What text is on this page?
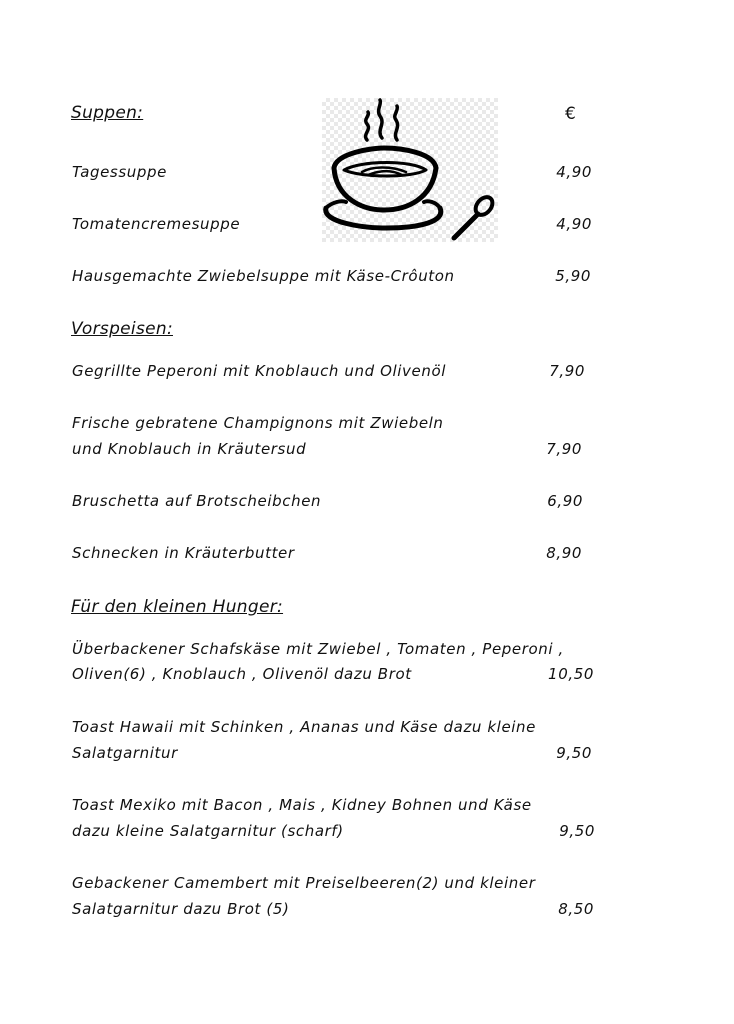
Suppen:	€
Tagessuppe	4,90
Tomatencremesuppe	4,90
Hausgemachte Zwiebelsuppe mit Käse-Crôuton	5,90
Vorspeisen:
Gegrillte Peperoni mit Knoblauch und Olivenöl	7,90
Frische gebratene Champignons mit Zwiebeln
und Knoblauch in Kräutersud	7,90
Bruschetta auf Brotscheibchen	6,90
Schnecken in Kräuterbutter	8,90
Für den kleinen Hunger:
Überbackener Schafskäse mit Zwiebel , Tomaten , Peperoni ,
Oliven(6) , Knoblauch , Olivenöl dazu Brot	10,50
Toast Hawaii mit Schinken , Ananas und Käse dazu kleine
Salatgarnitur	9,50
Toast Mexiko mit Bacon , Mais , Kidney Bohnen und Käse
dazu kleine Salatgarnitur (scharf)	9,50
Gebackener Camembert mit Preiselbeeren(2) und kleiner
Salatgarnitur dazu Brot (5)	8,50
